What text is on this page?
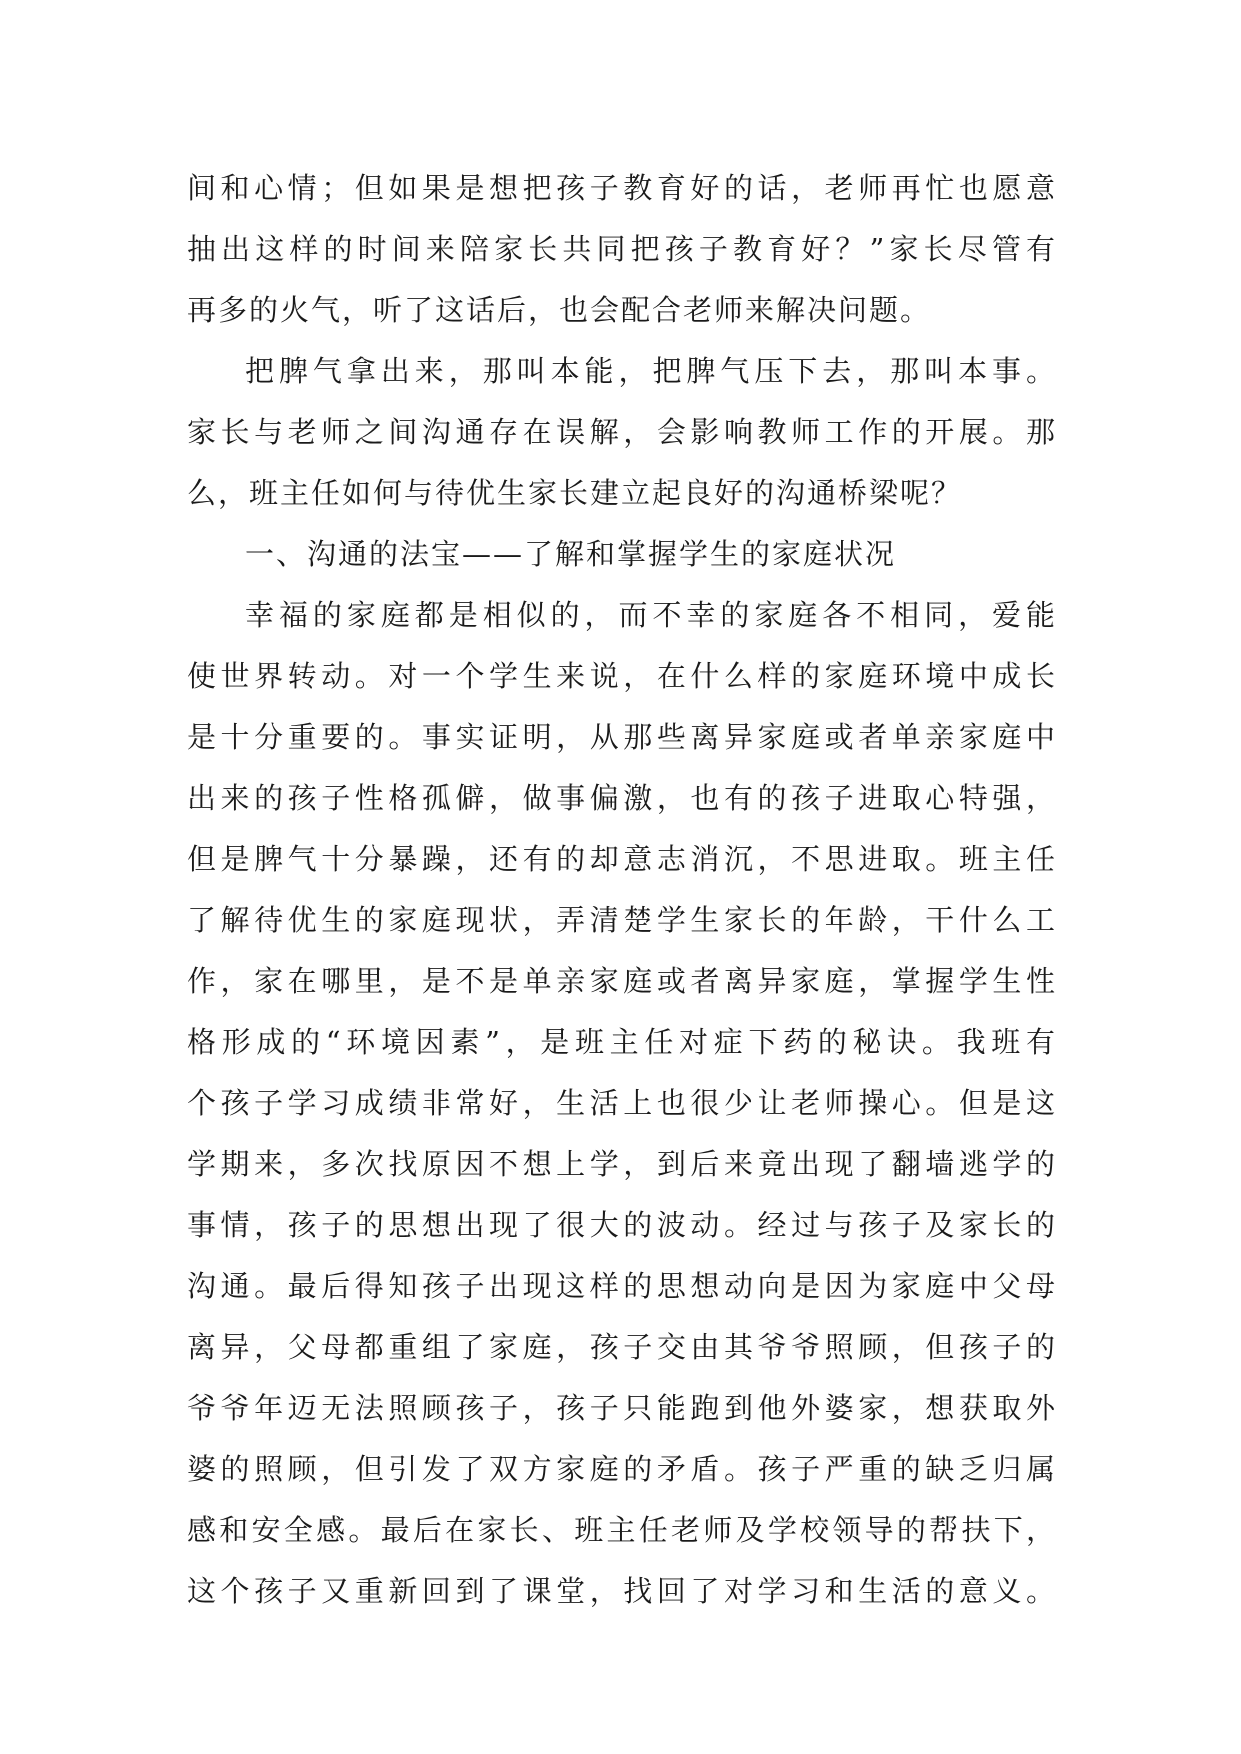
间和心情；但如果是想把孩子教育好的话，老师再忙也愿意
抽出这样的时间来陪家长共同把孩子教育好？”家长尽管有
再多的火气，听了这话后，也会配合老师来解决问题。
把脾气拿出来，那叫本能，把脾气压下去，那叫本事。
家长与老师之间沟通存在误解，会影响教师工作的开展。那
么，班主任如何与待优生家长建立起良好的沟通桥梁呢？
一、沟通的法宝——了解和掌握学生的家庭状况
幸福的家庭都是相似的，而不幸的家庭各不相同，爱能
使世界转动。对一个学生来说，在什么样的家庭环境中成长
是十分重要的。事实证明，从那些离异家庭或者单亲家庭中
出来的孩子性格孤僻，做事偏激，也有的孩子进取心特强，
但是脾气十分暴躁，还有的却意志消沉，不思进取。班主任
了解待优生的家庭现状，弄清楚学生家长的年龄，干什么工
作，家在哪里，是不是单亲家庭或者离异家庭，掌握学生性
格形成的“环境因素”，是班主任对症下药的秘诀。我班有
个孩子学习成绩非常好，生活上也很少让老师操心。但是这
学期来，多次找原因不想上学，到后来竟出现了翻墙逃学的
事情，孩子的思想出现了很大的波动。经过与孩子及家长的
沟通。最后得知孩子出现这样的思想动向是因为家庭中父母
离异，父母都重组了家庭，孩子交由其爷爷照顾，但孩子的
爷爷年迈无法照顾孩子，孩子只能跑到他外婆家，想获取外
婆的照顾，但引发了双方家庭的矛盾。孩子严重的缺乏归属
感和安全感。最后在家长、班主任老师及学校领导的帮扶下，
这个孩子又重新回到了课堂，找回了对学习和生活的意义。
